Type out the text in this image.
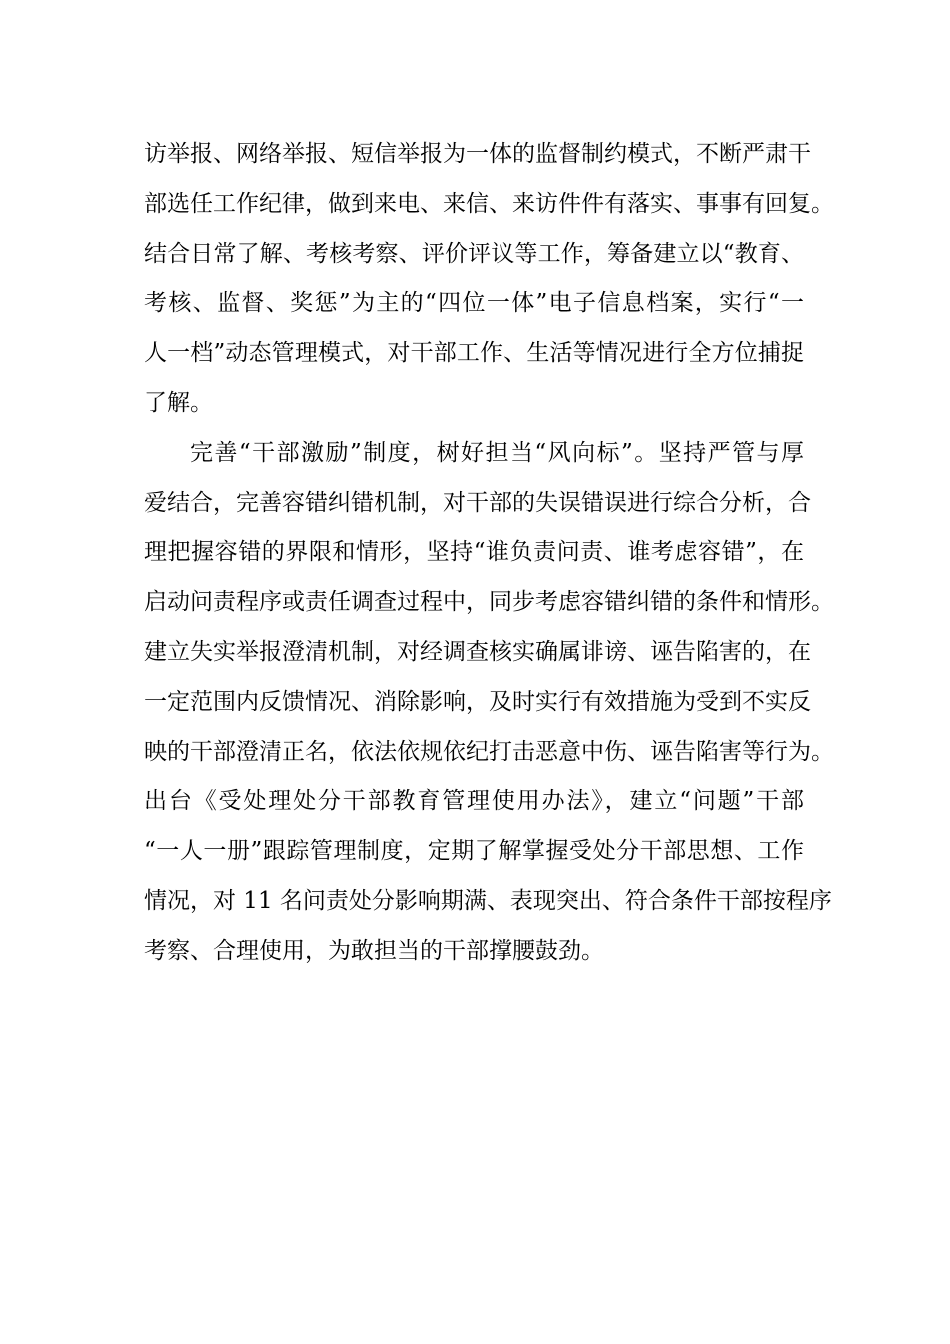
访举报、网络举报、短信举报为一体的监督制约模式，不断严肃干
部选任工作纪律，做到来电、来信、来访件件有落实、事事有回复。
结合日常了解、考核考察、评价评议等工作，筹备建立以“教育、
考核、监督、奖惩”为主的“四位一体”电子信息档案，实行“一
人一档”动态管理模式，对干部工作、生活等情况进行全方位捕捉
了解。
完善“干部激励”制度，树好担当“风向标”。坚持严管与厚
爱结合，完善容错纠错机制，对干部的失误错误进行综合分析，合
理把握容错的界限和情形，坚持“谁负责问责、谁考虑容错”，在
启动问责程序或责任调查过程中，同步考虑容错纠错的条件和情形。
建立失实举报澄清机制，对经调查核实确属诽谤、诬告陷害的，在
一定范围内反馈情况、消除影响，及时实行有效措施为受到不实反
映的干部澄清正名，依法依规依纪打击恶意中伤、诬告陷害等行为。
出台《受处理处分干部教育管理使用办法》，建立“问题”干部
“一人一册”跟踪管理制度，定期了解掌握受处分干部思想、工作
情况，对 11 名问责处分影响期满、表现突出、符合条件干部按程序
考察、合理使用，为敢担当的干部撑腰鼓劲。
